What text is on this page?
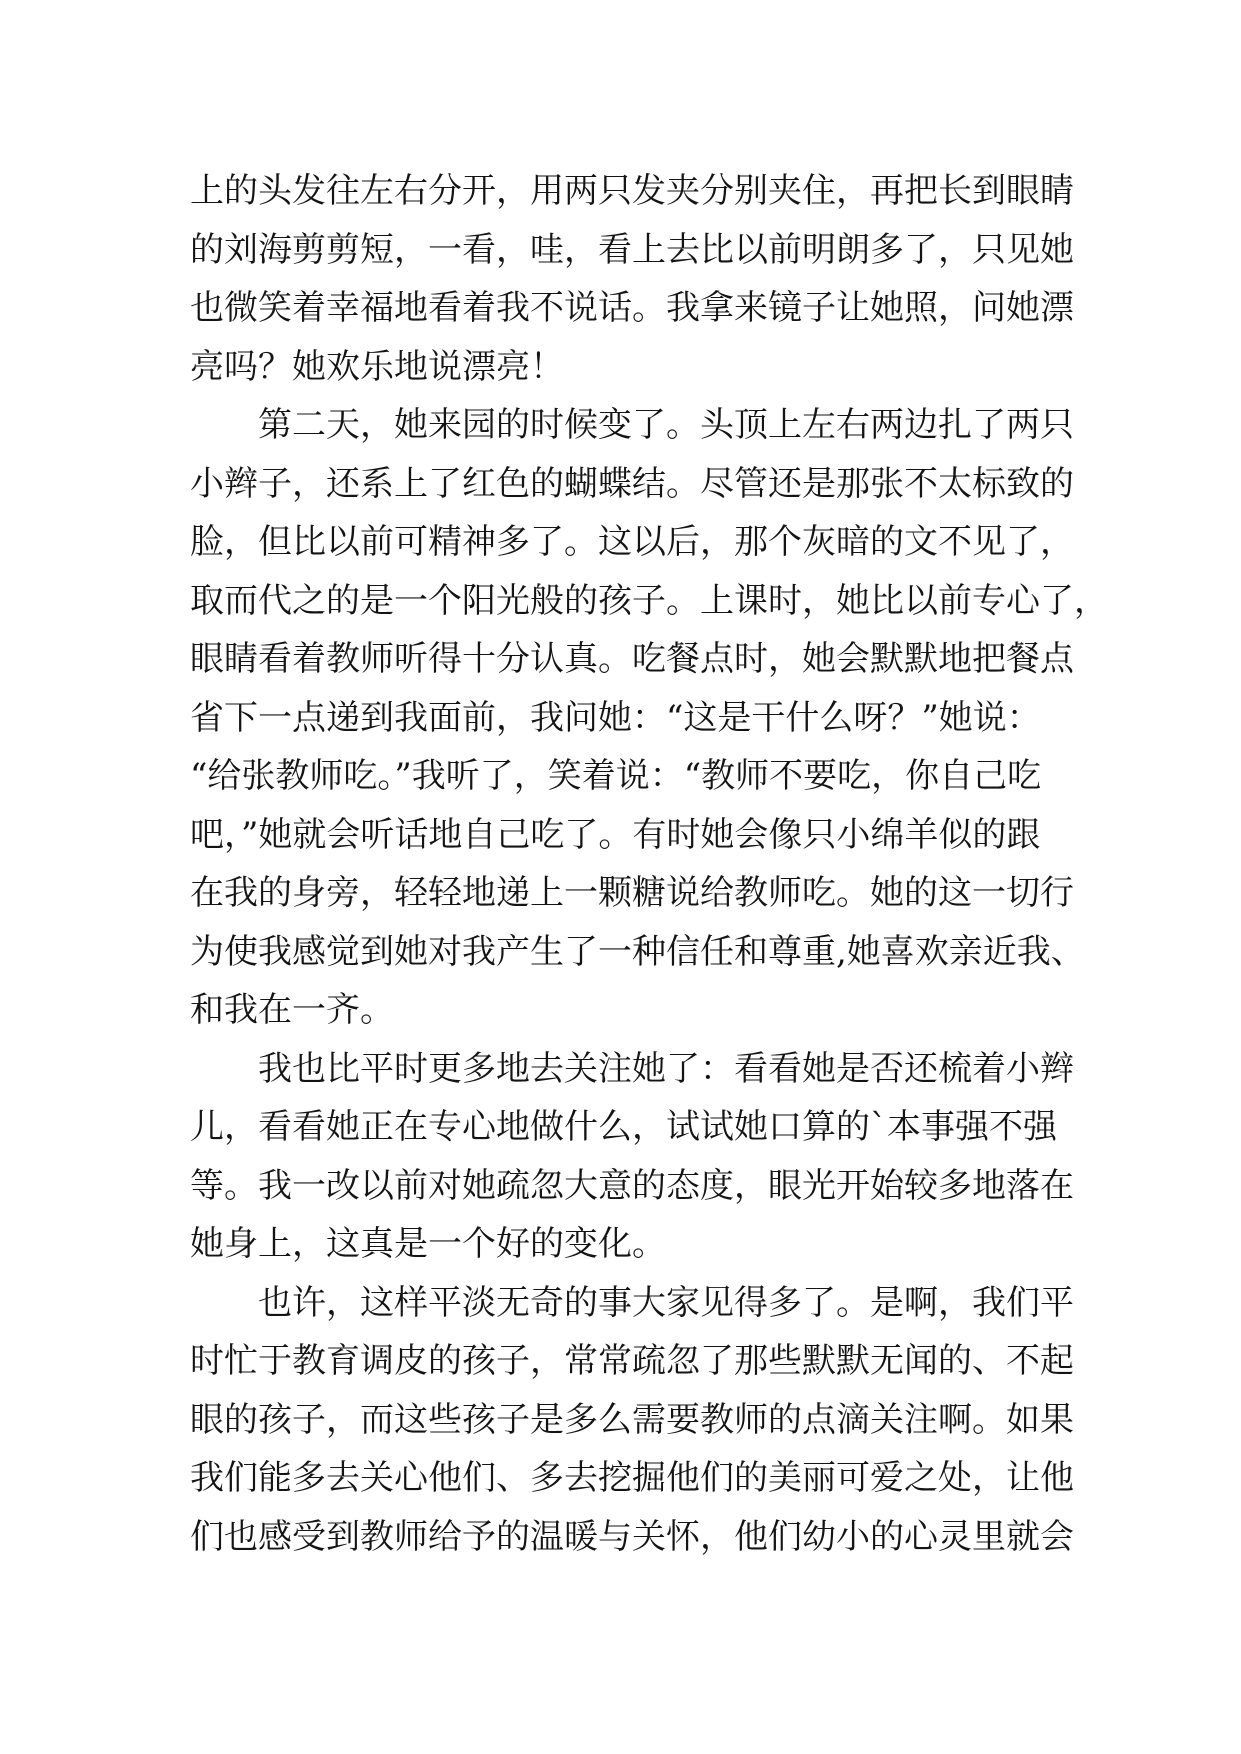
上的头发往左右分开，用两只发夹分别夹住，再把长到眼睛
的刘海剪剪短，一看，哇，看上去比以前明朗多了，只见她
也微笑着幸福地看着我不说话。我拿来镜子让她照，问她漂
亮吗？她欢乐地说漂亮！
第二天，她来园的时候变了。头顶上左右两边扎了两只
小辫子，还系上了红色的蝴蝶结。尽管还是那张不太标致的
脸，但比以前可精神多了。这以后，那个灰暗的文不见了，
取而代之的是一个阳光般的孩子。上课时，她比以前专心了，
眼睛看着教师听得十分认真。吃餐点时，她会默默地把餐点
省下一点递到我面前，我问她：“这是干什么呀？”她说：
“给张教师吃。”我听了，笑着说：“教师不要吃，你自己吃
吧，”她就会听话地自己吃了。有时她会像只小绵羊似的跟
在我的身旁，轻轻地递上一颗糖说给教师吃。她的这一切行
为使我感觉到她对我产生了一种信任和尊重,她喜欢亲近我、
和我在一齐。
我也比平时更多地去关注她了：看看她是否还梳着小辫
儿，看看她正在专心地做什么，试试她口算的`本事强不强
等。我一改以前对她疏忽大意的态度，眼光开始较多地落在
她身上，这真是一个好的变化。
也许，这样平淡无奇的事大家见得多了。是啊，我们平
时忙于教育调皮的孩子，常常疏忽了那些默默无闻的、不起
眼的孩子，而这些孩子是多么需要教师的点滴关注啊。如果
我们能多去关心他们、多去挖掘他们的美丽可爱之处，让他
们也感受到教师给予的温暖与关怀，他们幼小的心灵里就会
